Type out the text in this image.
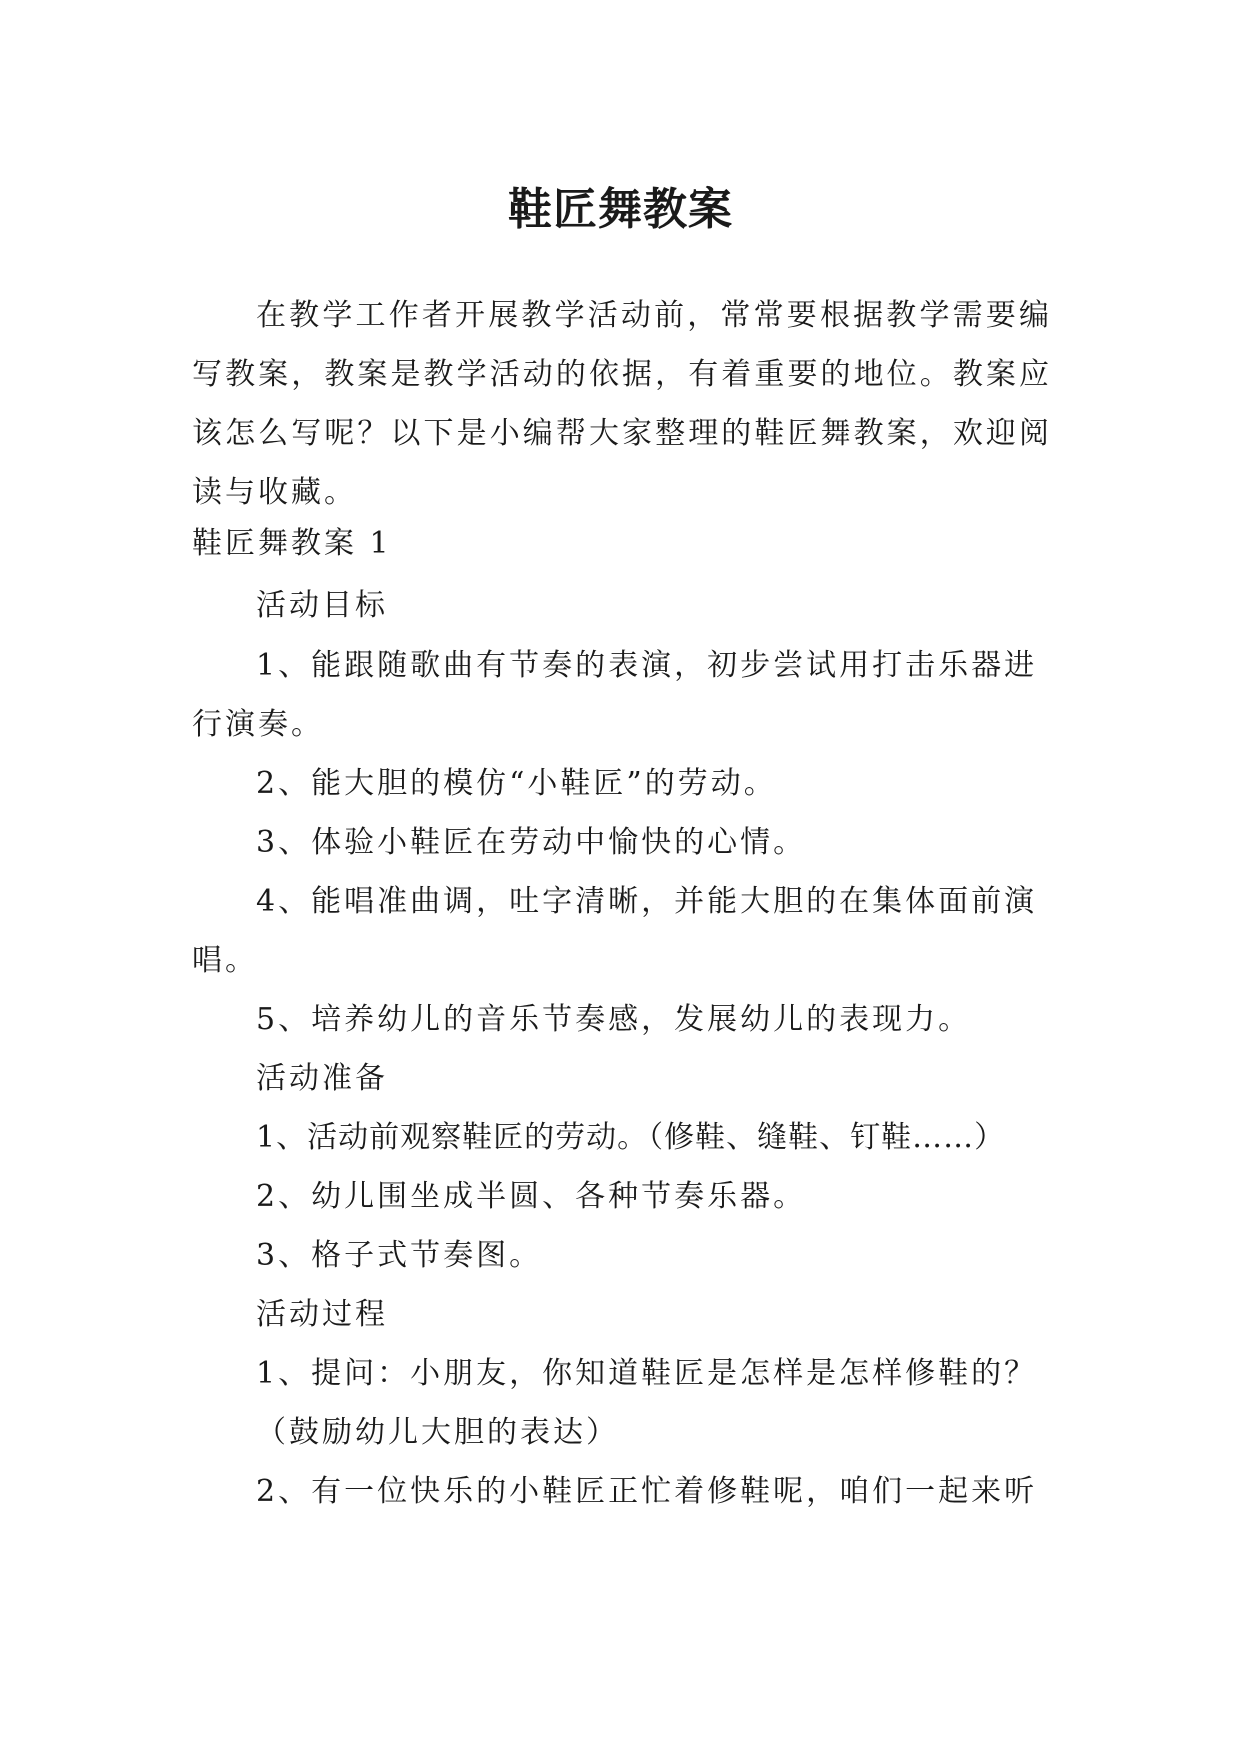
鞋匠舞教案

在教学工作者开展教学活动前，常常要根据教学需要编写教案，教案是教学活动的依据，有着重要的地位。教案应该怎么写呢？以下是小编帮大家整理的鞋匠舞教案，欢迎阅读与收藏。

鞋匠舞教案 1

活动目标

1、能跟随歌曲有节奏的表演，初步尝试用打击乐器进

行演奏。

2、能大胆的模仿“小鞋匠”的劳动。

3、体验小鞋匠在劳动中愉快的心情。

4、能唱准曲调，吐字清晰，并能大胆的在集体面前演

唱。

5、培养幼儿的音乐节奏感，发展幼儿的表现力。

活动准备

1、活动前观察鞋匠的劳动。（修鞋、缝鞋、钉鞋……）

2、幼儿围坐成半圆、各种节奏乐器。

3、格子式节奏图。

活动过程

1、提问：小朋友，你知道鞋匠是怎样是怎样修鞋的？

（鼓励幼儿大胆的表达）

2、有一位快乐的小鞋匠正忙着修鞋呢，咱们一起来听
